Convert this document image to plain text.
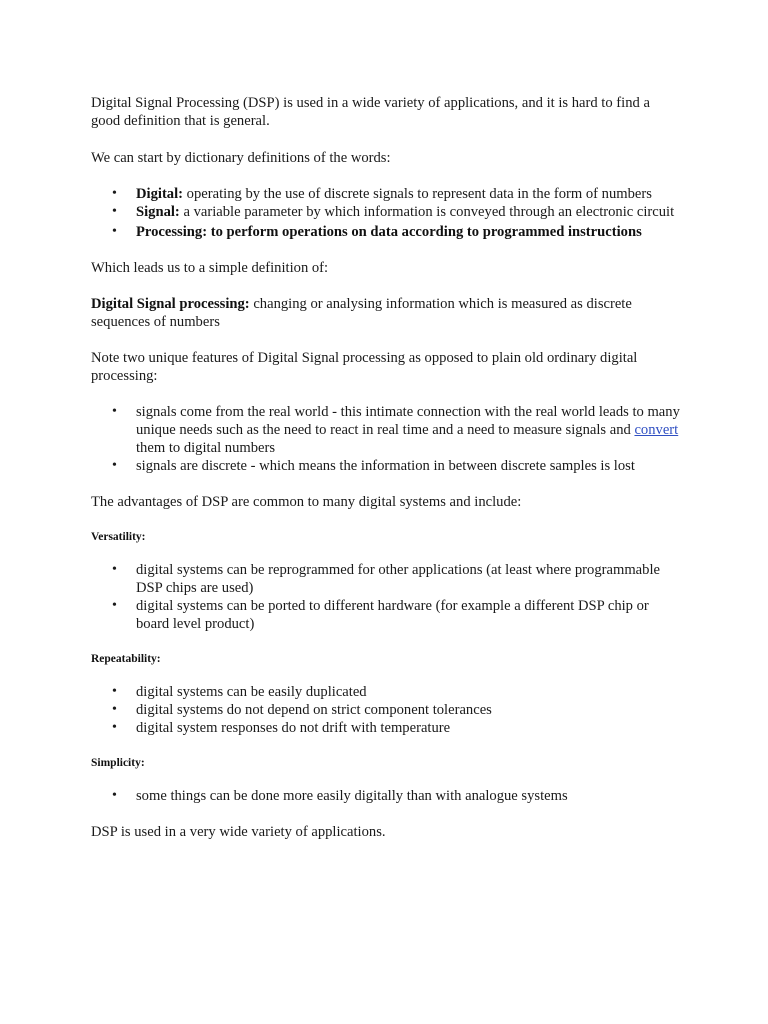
Digital Signal Processing (DSP) is used in a wide variety of applications, and it is hard to find a good definition that is general.

We can start by dictionary definitions of the words:

• Digital: operating by the use of discrete signals to represent data in the form of numbers
• Signal: a variable parameter by which information is conveyed through an electronic circuit
• Processing: to perform operations on data according to programmed instructions

Which leads us to a simple definition of:

Digital Signal processing: changing or analysing information which is measured as discrete sequences of numbers

Note two unique features of Digital Signal processing as opposed to plain old ordinary digital processing:

• signals come from the real world - this intimate connection with the real world leads to many unique needs such as the need to react in real time and a need to measure signals and convert them to digital numbers
• signals are discrete - which means the information in between discrete samples is lost

The advantages of DSP are common to many digital systems and include:

Versatility:

• digital systems can be reprogrammed for other applications (at least where programmable DSP chips are used)
• digital systems can be ported to different hardware (for example a different DSP chip or board level product)

Repeatability:

• digital systems can be easily duplicated
• digital systems do not depend on strict component tolerances
• digital system responses do not drift with temperature

Simplicity:

• some things can be done more easily digitally than with analogue systems

DSP is used in a very wide variety of applications.
